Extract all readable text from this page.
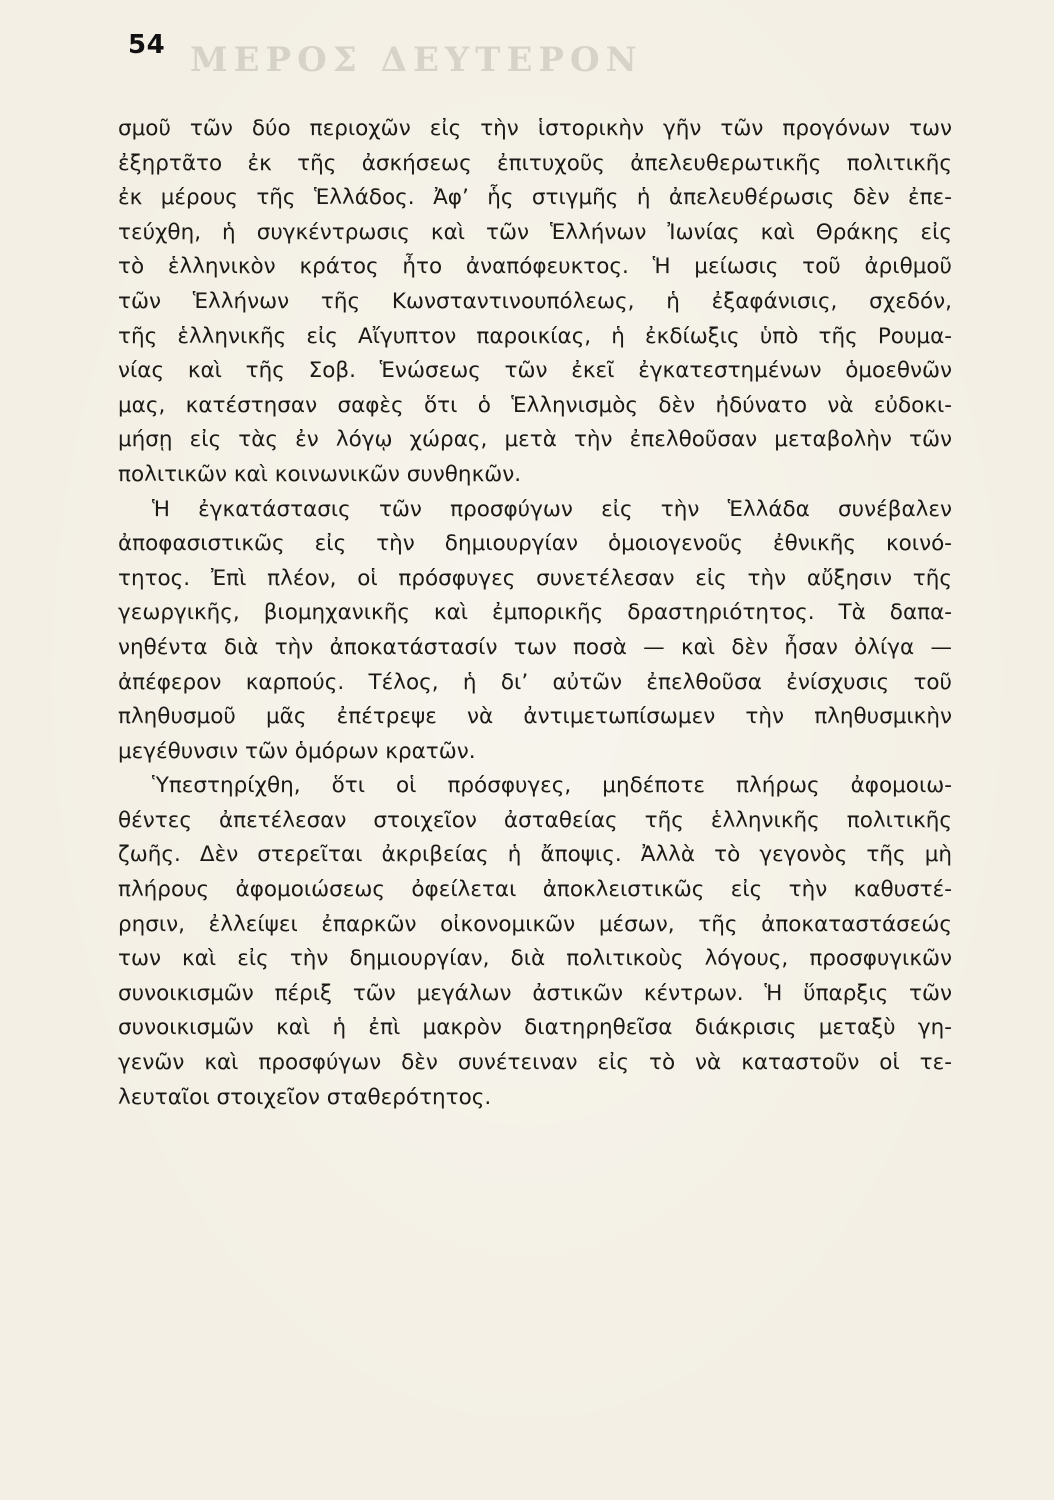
ΜΕΡΟΣ ΔΕΥΤΕΡΟΝ
54
σμοῦ τῶν δύο περιοχῶν εἰς τὴν ἱστορικὴν γῆν τῶν προγόνων των
ἐξηρτᾶτο ἐκ τῆς ἀσκήσεως ἐπιτυχοῦς ἀπελευθερωτικῆς πολιτικῆς
ἐκ μέρους τῆς Ἑλλάδος. Ἀφ’ ἧς στιγμῆς ἡ ἀπελευθέρωσις δὲν ἐπε-
τεύχθη, ἡ συγκέντρωσις καὶ τῶν Ἑλλήνων Ἰωνίας καὶ Θράκης εἰς
τὸ ἑλληνικὸν κράτος ἦτο ἀναπόφευκτος. Ἡ μείωσις τοῦ ἀριθμοῦ
τῶν Ἑλλήνων τῆς Κωνσταντινουπόλεως, ἡ ἐξαφάνισις, σχεδόν,
τῆς ἑλληνικῆς εἰς Αἴγυπτον παροικίας, ἡ ἐκδίωξις ὑπὸ τῆς Ρουμα-
νίας καὶ τῆς Σοβ. Ἑνώσεως τῶν ἐκεῖ ἐγκατεστημένων ὁμοεθνῶν
μας, κατέστησαν σαφὲς ὅτι ὁ Ἑλληνισμὸς δὲν ἠδύνατο νὰ εὐδοκι-
μήσῃ εἰς τὰς ἐν λόγῳ χώρας, μετὰ τὴν ἐπελθοῦσαν μεταβολὴν τῶν
πολιτικῶν καὶ κοινωνικῶν συνθηκῶν.
Ἡ ἐγκατάστασις τῶν προσφύγων εἰς τὴν Ἑλλάδα συνέβαλεν
ἀποφασιστικῶς εἰς τὴν δημιουργίαν ὁμοιογενοῦς ἐθνικῆς κοινό-
τητος. Ἐπὶ πλέον, οἱ πρόσφυγες συνετέλεσαν εἰς τὴν αὔξησιν τῆς
γεωργικῆς, βιομηχανικῆς καὶ ἐμπορικῆς δραστηριότητος. Τὰ δαπα-
νηθέντα διὰ τὴν ἀποκατάστασίν των ποσὰ — καὶ δὲν ἦσαν ὀλίγα —
ἀπέφερον καρπούς. Τέλος, ἡ δι’ αὐτῶν ἐπελθοῦσα ἐνίσχυσις τοῦ
πληθυσμοῦ μᾶς ἐπέτρεψε νὰ ἀντιμετωπίσωμεν τὴν πληθυσμικὴν
μεγέθυνσιν τῶν ὁμόρων κρατῶν.
Ὑπεστηρίχθη, ὅτι οἱ πρόσφυγες, μηδέποτε πλήρως ἀφομοιω-
θέντες ἀπετέλεσαν στοιχεῖον ἀσταθείας τῆς ἑλληνικῆς πολιτικῆς
ζωῆς. Δὲν στερεῖται ἀκριβείας ἡ ἄποψις. Ἀλλὰ τὸ γεγονὸς τῆς μὴ
πλήρους ἀφομοιώσεως ὀφείλεται ἀποκλειστικῶς εἰς τὴν καθυστέ-
ρησιν, ἐλλείψει ἐπαρκῶν οἰκονομικῶν μέσων, τῆς ἀποκαταστάσεώς
των καὶ εἰς τὴν δημιουργίαν, διὰ πολιτικοὺς λόγους, προσφυγικῶν
συνοικισμῶν πέριξ τῶν μεγάλων ἀστικῶν κέντρων. Ἡ ὕπαρξις τῶν
συνοικισμῶν καὶ ἡ ἐπὶ μακρὸν διατηρηθεῖσα διάκρισις μεταξὺ γη-
γενῶν καὶ προσφύγων δὲν συνέτειναν εἰς τὸ νὰ καταστοῦν οἱ τε-
λευταῖοι στοιχεῖον σταθερότητος.
